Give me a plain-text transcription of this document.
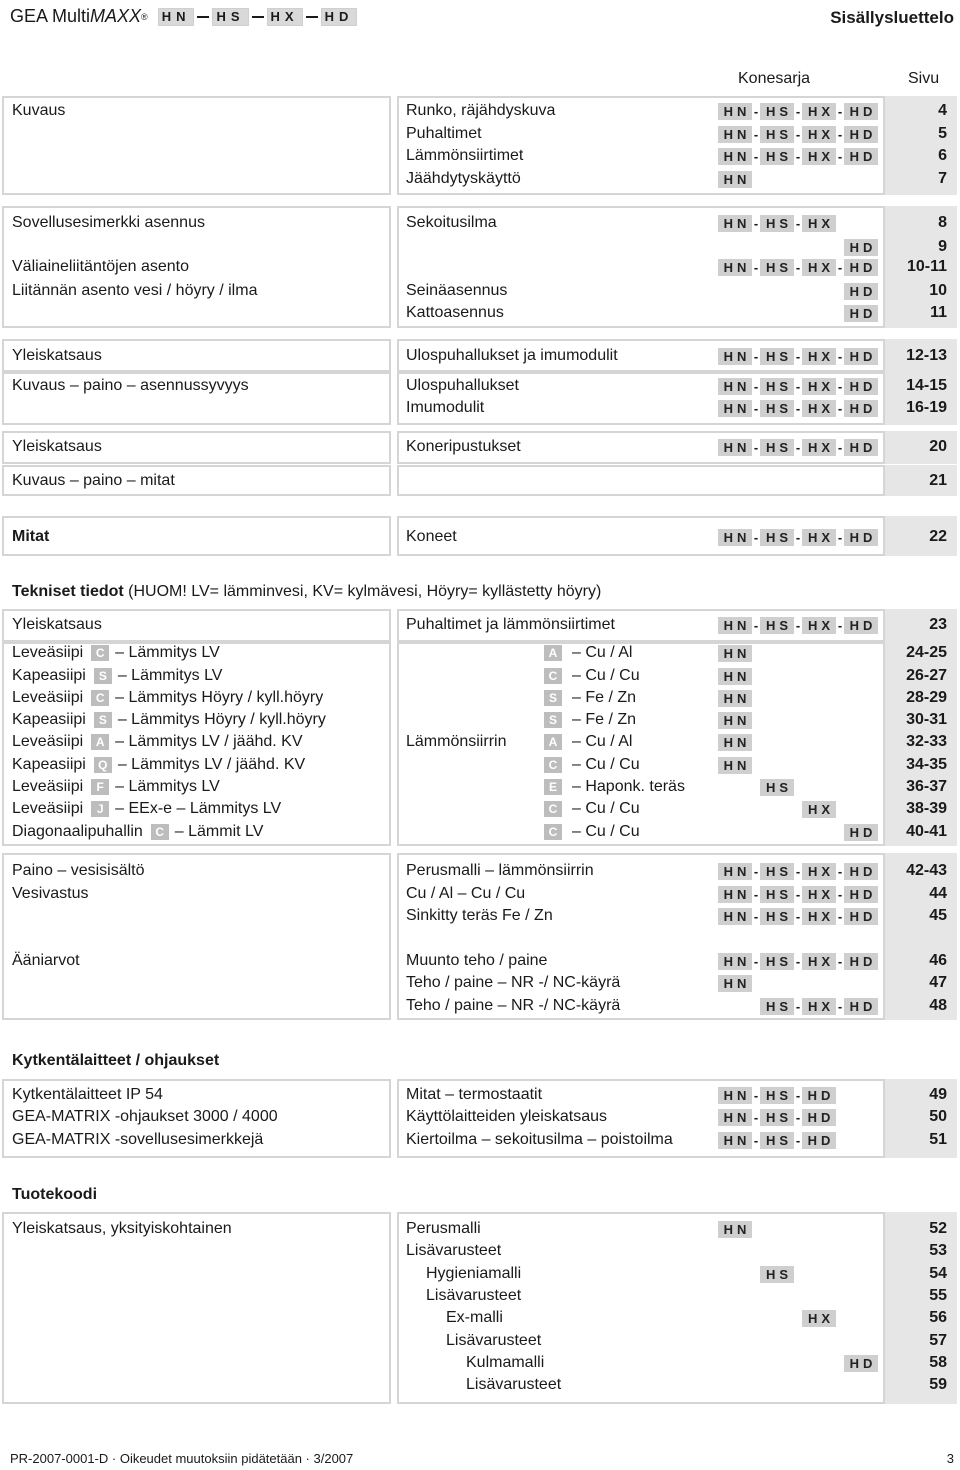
GEA Multi MAXX ®	HN	HS	HX	HD	Sisällysluettelo
Konesarja	Sivu
Tekniset tiedot (HUOM! LV= lämminvesi, KV= kylmävesi, Höyry= kyllästetty höyry)
Kytkentälaitteet / ohjaukset
Tuotekoodi
Kuvaus	Runko, räjähdyskuva	HN - HS - HX - HD	4
Puhaltimet	HN - HS - HX - HD	5
Lämmönsiirtimet	HN - HS - HX - HD	6
Jäähdytyskäyttö	HN	7
Sovellusesimerkki asennus	Sekoitusilma	HN - HS - HX	8
HD	9
Väliaineliitäntöjen asento	HN - HS - HX - HD	10-11
Liitännän asento vesi / höyry / ilma	Seinäasennus	HD	10
Kattoasennus	HD	11
Yleiskatsaus	Ulospuhallukset ja imumodulit	HN - HS - HX - HD	12-13
Kuvaus – paino – asennussyvyys	Ulospuhallukset	HN - HS - HX - HD	14-15
Imumodulit	HN - HS - HX - HD	16-19
Yleiskatsaus	Koneripustukset	HN - HS - HX - HD	20
Kuvaus – paino – mitat	21
Mitat	Koneet	HN - HS - HX - HD	22
Yleiskatsaus	Puhaltimet ja lämmönsiirtimet	HN - HS - HX - HD	23
Leveäsiipi C – Lämmitys LV	A – Cu / Al	HN	24-25
Kapeasiipi S – Lämmitys LV	C – Cu / Cu	HN	26-27
Leveäsiipi C – Lämmitys Höyry / kyll.höyry	S – Fe / Zn	HN	28-29
Kapeasiipi S – Lämmitys Höyry / kyll.höyry	S – Fe / Zn	HN	30-31
Leveäsiipi A – Lämmitys LV / jäähd. KV	Lämmönsiirrin	A – Cu / Al	HN	32-33
Kapeasiipi Q – Lämmitys LV / jäähd. KV	C – Cu / Cu	HN	34-35
Leveäsiipi F – Lämmitys LV	E – Haponk. teräs	HS	36-37
Leveäsiipi J – EEx-e – Lämmitys LV	C – Cu / Cu	HX	38-39
Diagonaalipuhallin C – Lämmit LV	C – Cu / Cu	HD	40-41
Paino – vesisisältö	Perusmalli – lämmönsiirrin	HN - HS - HX - HD	42-43
Vesivastus	Cu / Al – Cu / Cu	HN - HS - HX - HD	44
Sinkitty teräs Fe / Zn	HN - HS - HX - HD	45
Ääniarvot	Muunto teho / paine	HN - HS - HX - HD	46
Teho / paine – NR -/ NC-käyrä	HN	47
Teho / paine – NR -/ NC-käyrä	HS - HX - HD	48
Kytkentälaitteet IP 54	Mitat – termostaatit	HN - HS - HD	49
GEA-MATRIX -ohjaukset 3000 / 4000	Käyttölaitteiden yleiskatsaus	HN - HS - HD	50
GEA-MATRIX -sovellusesimerkkejä	Kiertoilma – sekoitusilma – poistoilma	HN - HS - HD	51
Yleiskatsaus, yksityiskohtainen	Perusmalli	HN	52
Lisävarusteet	53
Hygieniamalli	HS	54
Lisävarusteet	55
Ex-malli	HX	56
Lisävarusteet	57
Kulmamalli	HD	58
Lisävarusteet	59
PR-2007-0001-D · Oikeudet muutoksiin pidätetään · 3/2007	3
